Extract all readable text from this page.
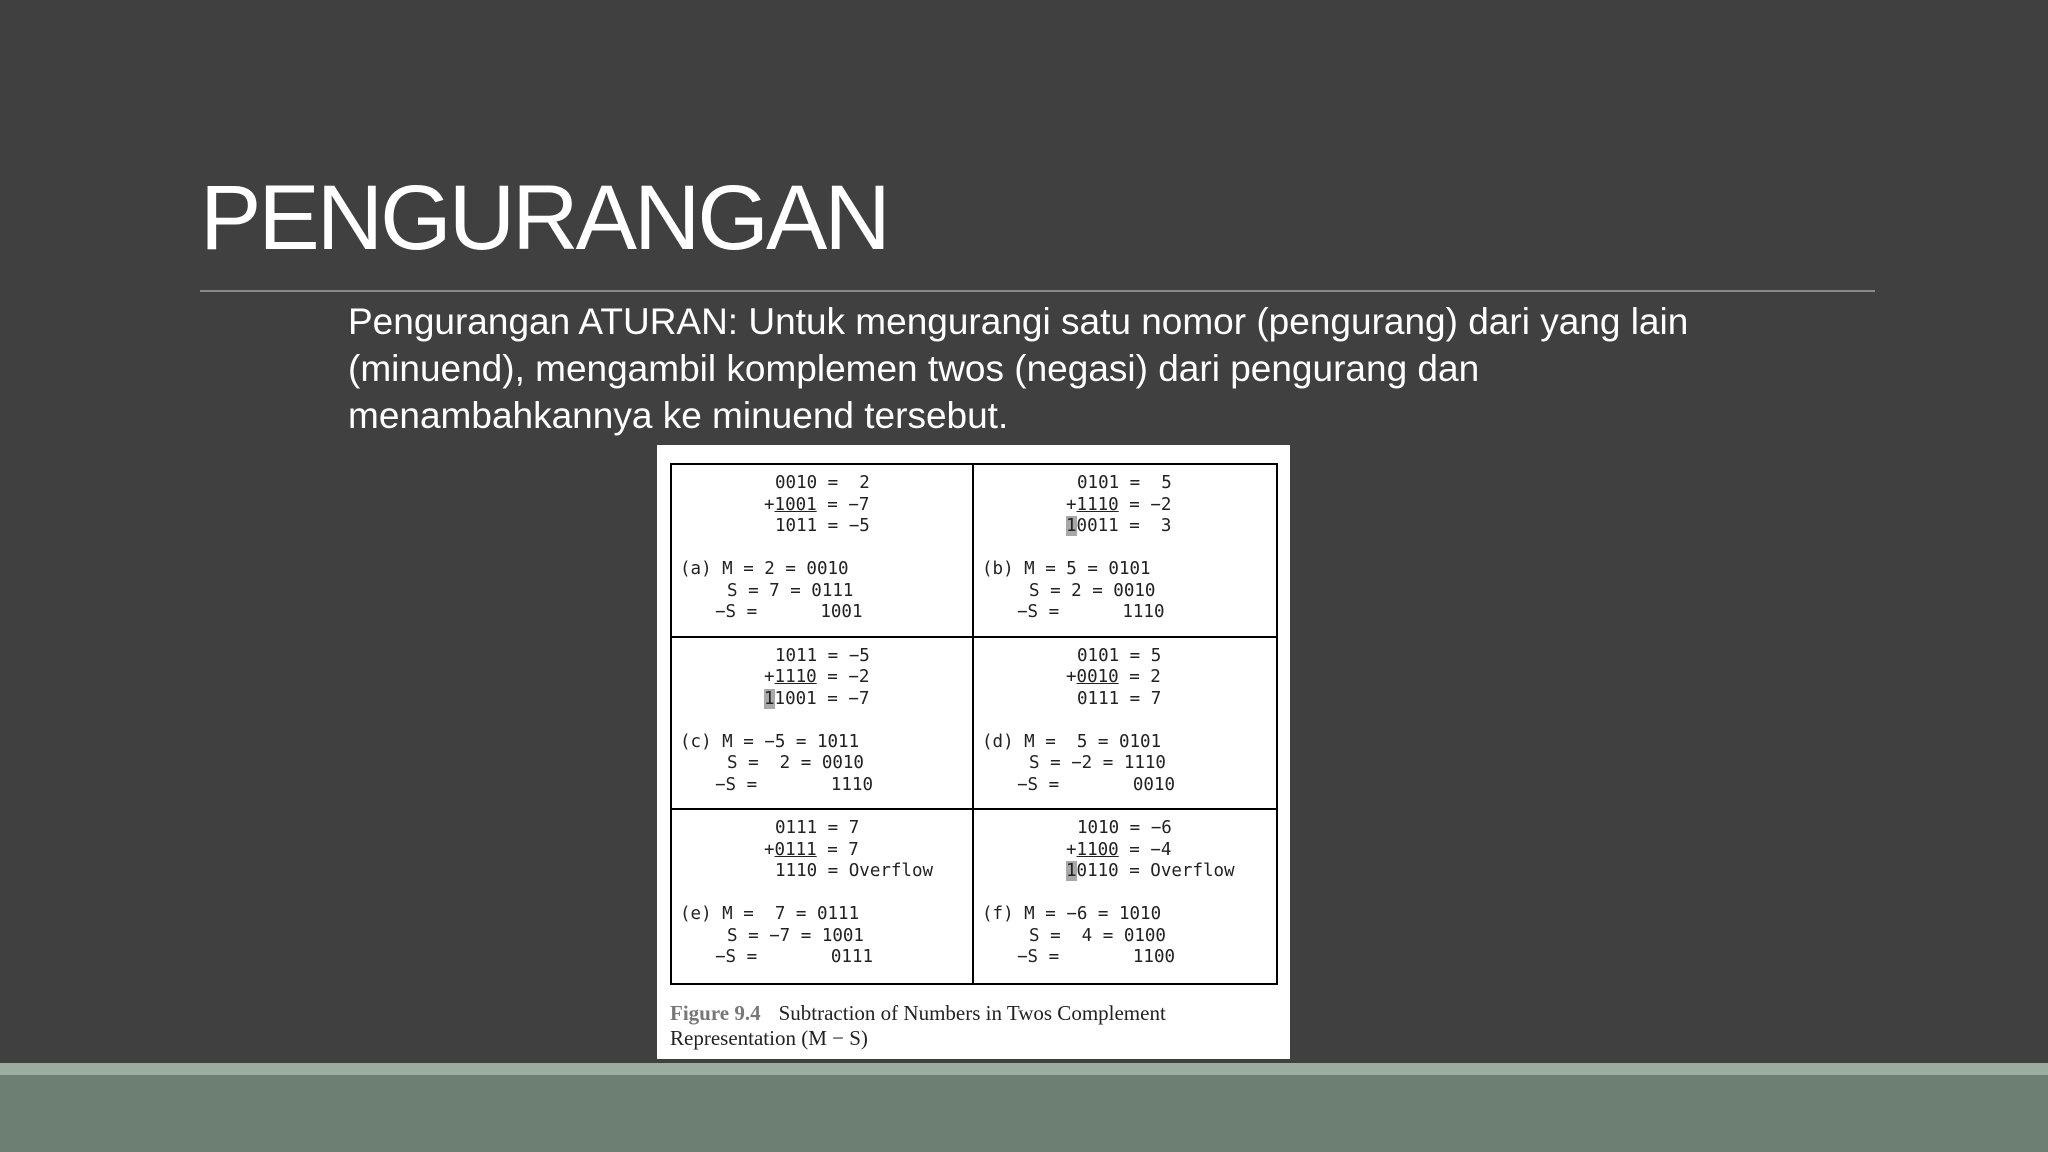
PENGURANGAN

Pengurangan ATURAN: Untuk mengurangi satu nomor (pengurang) dari yang lain (minuend), mengambil komplemen twos (negasi) dari pengurang dan menambahkannya ke minuend tersebut.

0010 =  2
+1001 = −7
1011 = −5
(a) M = 2 = 0010
S = 7 = 0111
−S =      1001
0101 =  5
+1110 = −2
10011 =  3
(b) M = 5 = 0101
S = 2 = 0010
−S =      1110
1011 = −5
+1110 = −2
11001 = −7
(c) M = −5 = 1011
S =  2 = 0010
−S =       1110
0101 = 5
+0010 = 2
0111 = 7
(d) M =  5 = 0101
S = −2 = 1110
−S =       0010
0111 = 7
+0111 = 7
1110 = Overflow
(e) M =  7 = 0111
S = −7 = 1001
−S =       0111
1010 = −6
+1100 = −4
10110 = Overflow
(f) M = −6 = 1010
S =  4 = 0100
−S =       1100

Figure 9.4 Subtraction of Numbers in Twos Complement Representation (M − S)
